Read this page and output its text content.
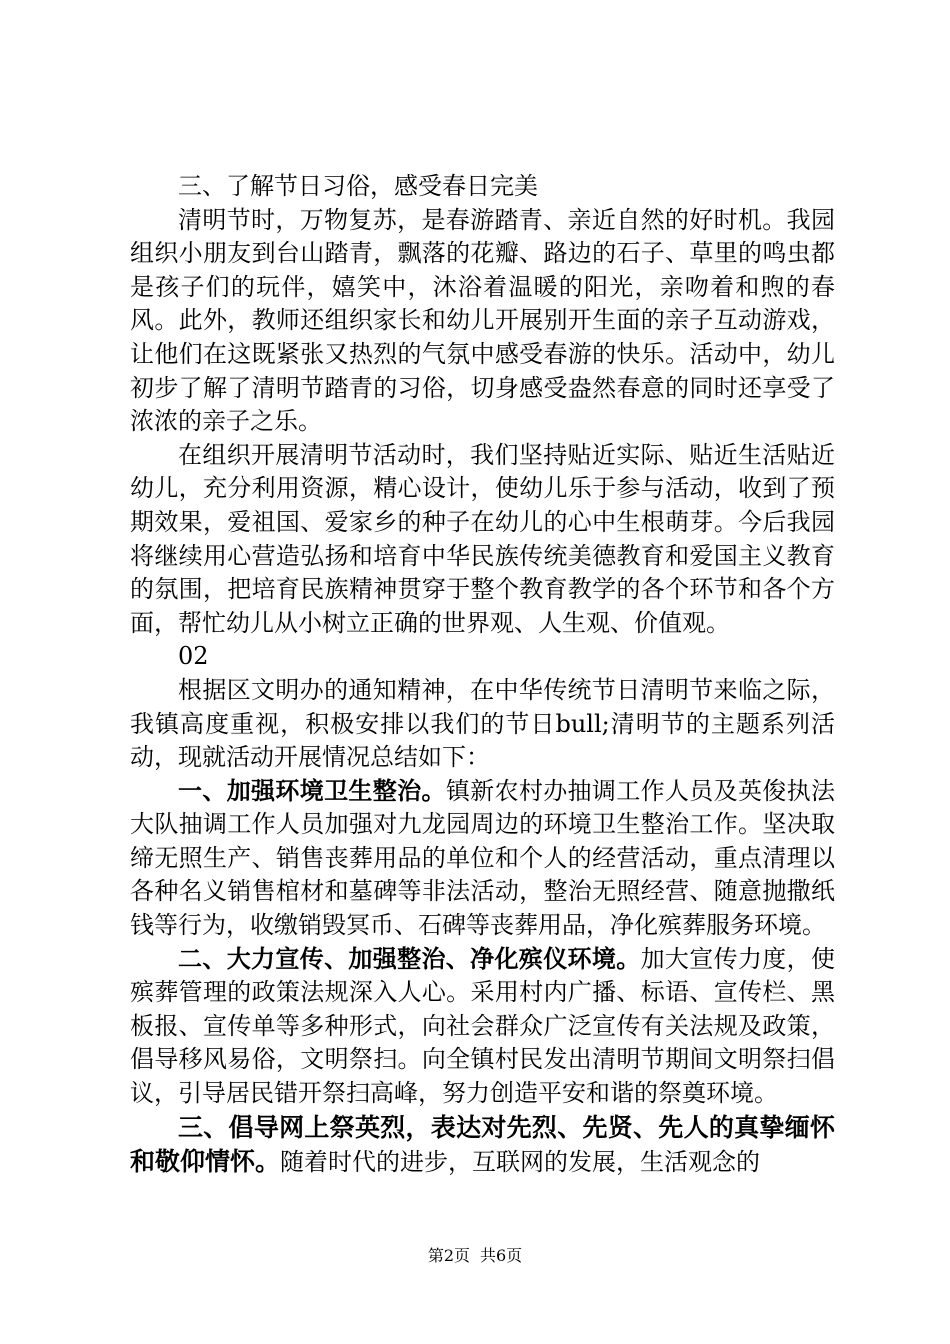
三、了解节日习俗，感受春日完美

清明节时，万物复苏，是春游踏青、亲近自然的好时机。我园组织小朋友到台山踏青，飘落的花瓣、路边的石子、草里的鸣虫都是孩子们的玩伴，嬉笑中，沐浴着温暖的阳光，亲吻着和煦的春风。此外，教师还组织家长和幼儿开展别开生面的亲子互动游戏，让他们在这既紧张又热烈的气氛中感受春游的快乐。活动中，幼儿初步了解了清明节踏青的习俗，切身感受盎然春意的同时还享受了浓浓的亲子之乐。

在组织开展清明节活动时，我们坚持贴近实际、贴近生活贴近幼儿，充分利用资源，精心设计，使幼儿乐于参与活动，收到了预期效果，爱祖国、爱家乡的种子在幼儿的心中生根萌芽。今后我园将继续用心营造弘扬和培育中华民族传统美德教育和爱国主义教育的氛围，把培育民族精神贯穿于整个教育教学的各个环节和各个方面，帮忙幼儿从小树立正确的世界观、人生观、价值观。

02

根据区文明办的通知精神，在中华传统节日清明节来临之际，我镇高度重视，积极安排以我们的节日bull;清明节的主题系列活动，现就活动开展情况总结如下：

一、加强环境卫生整治。镇新农村办抽调工作人员及英俊执法大队抽调工作人员加强对九龙园周边的环境卫生整治工作。坚决取缔无照生产、销售丧葬用品的单位和个人的经营活动，重点清理以各种名义销售棺材和墓碑等非法活动，整治无照经营、随意抛撒纸钱等行为，收缴销毁冥币、石碑等丧葬用品，净化殡葬服务环境。

二、大力宣传、加强整治、净化殡仪环境。加大宣传力度，使殡葬管理的政策法规深入人心。采用村内广播、标语、宣传栏、黑板报、宣传单等多种形式，向社会群众广泛宣传有关法规及政策，倡导移风易俗，文明祭扫。向全镇村民发出清明节期间文明祭扫倡议，引导居民错开祭扫高峰，努力创造平安和谐的祭奠环境。

三、倡导网上祭英烈，表达对先烈、先贤、先人的真挚缅怀和敬仰情怀。随着时代的进步，互联网的发展，生活观念的

第2页 共6页
